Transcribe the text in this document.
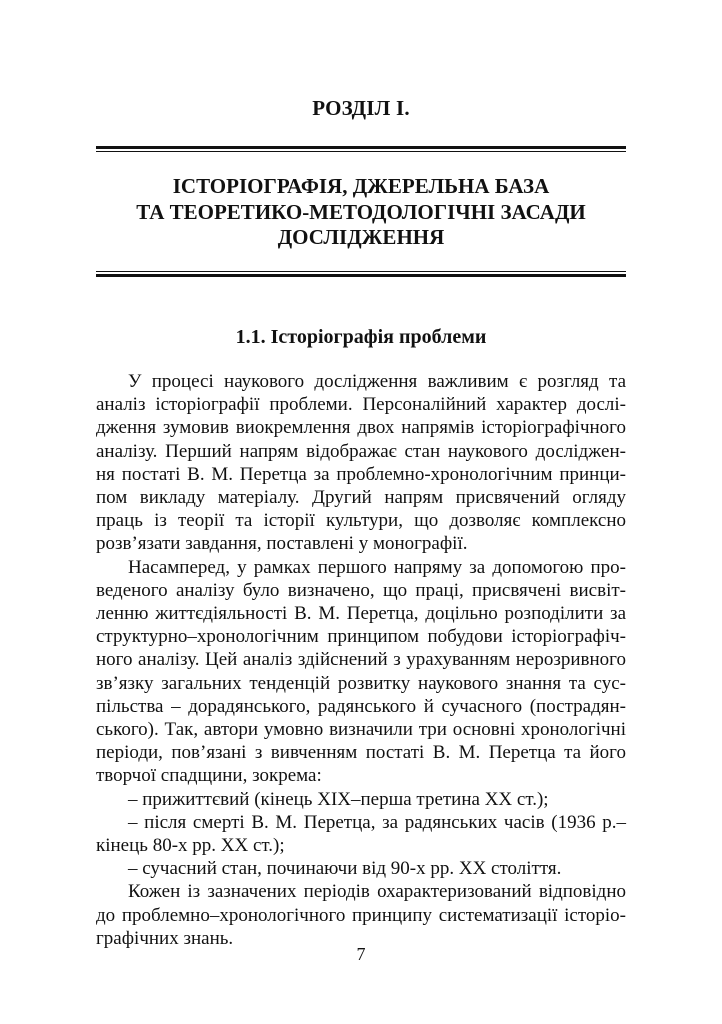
РОЗДІЛ І.
ІСТОРІОГРАФІЯ, ДЖЕРЕЛЬНА БАЗА
ТА ТЕОРЕТИКО-МЕТОДОЛОГІЧНІ ЗАСАДИ
ДОСЛІДЖЕННЯ
1.1. Історіографія проблеми
У процесі наукового дослідження важливим є розгляд та
аналіз історіографії проблеми. Персоналійний характер дослі-
дження зумовив виокремлення двох напрямів історіографічного
аналізу. Перший напрям відображає стан наукового досліджен-
ня постаті В. М. Перетца за проблемно-хронологічним принци-
пом викладу матеріалу. Другий напрям присвячений огляду
праць із теорії та історії культури, що дозволяє комплексно
розв’язати завдання, поставлені у монографії.
Насамперед, у рамках першого напряму за допомогою про-
веденого аналізу було визначено, що праці, присвячені висвіт-
ленню життєдіяльності В. М. Перетца, доцільно розподілити за
структурно–хронологічним принципом побудови історіографіч-
ного аналізу. Цей аналіз здійснений з урахуванням нерозривного
зв’язку загальних тенденцій розвитку наукового знання та сус-
пільства – дорадянського, радянського й сучасного (пострадян-
ського). Так, автори умовно визначили три основні хронологічні
періоди, пов’язані з вивченням постаті В. М. Перетца та його
творчої спадщини, зокрема:
– прижиттєвий (кінець ХІХ–перша третина ХХ ст.);
– після смерті В. М. Перетца, за радянських часів (1936 р.–
кінець 80-х рр. ХХ ст.);
– сучасний стан, починаючи від 90-х рр. ХХ століття.
Кожен із зазначених періодів охарактеризований відповідно
до проблемно–хронологічного принципу систематизації історіо-
графічних знань.
7
